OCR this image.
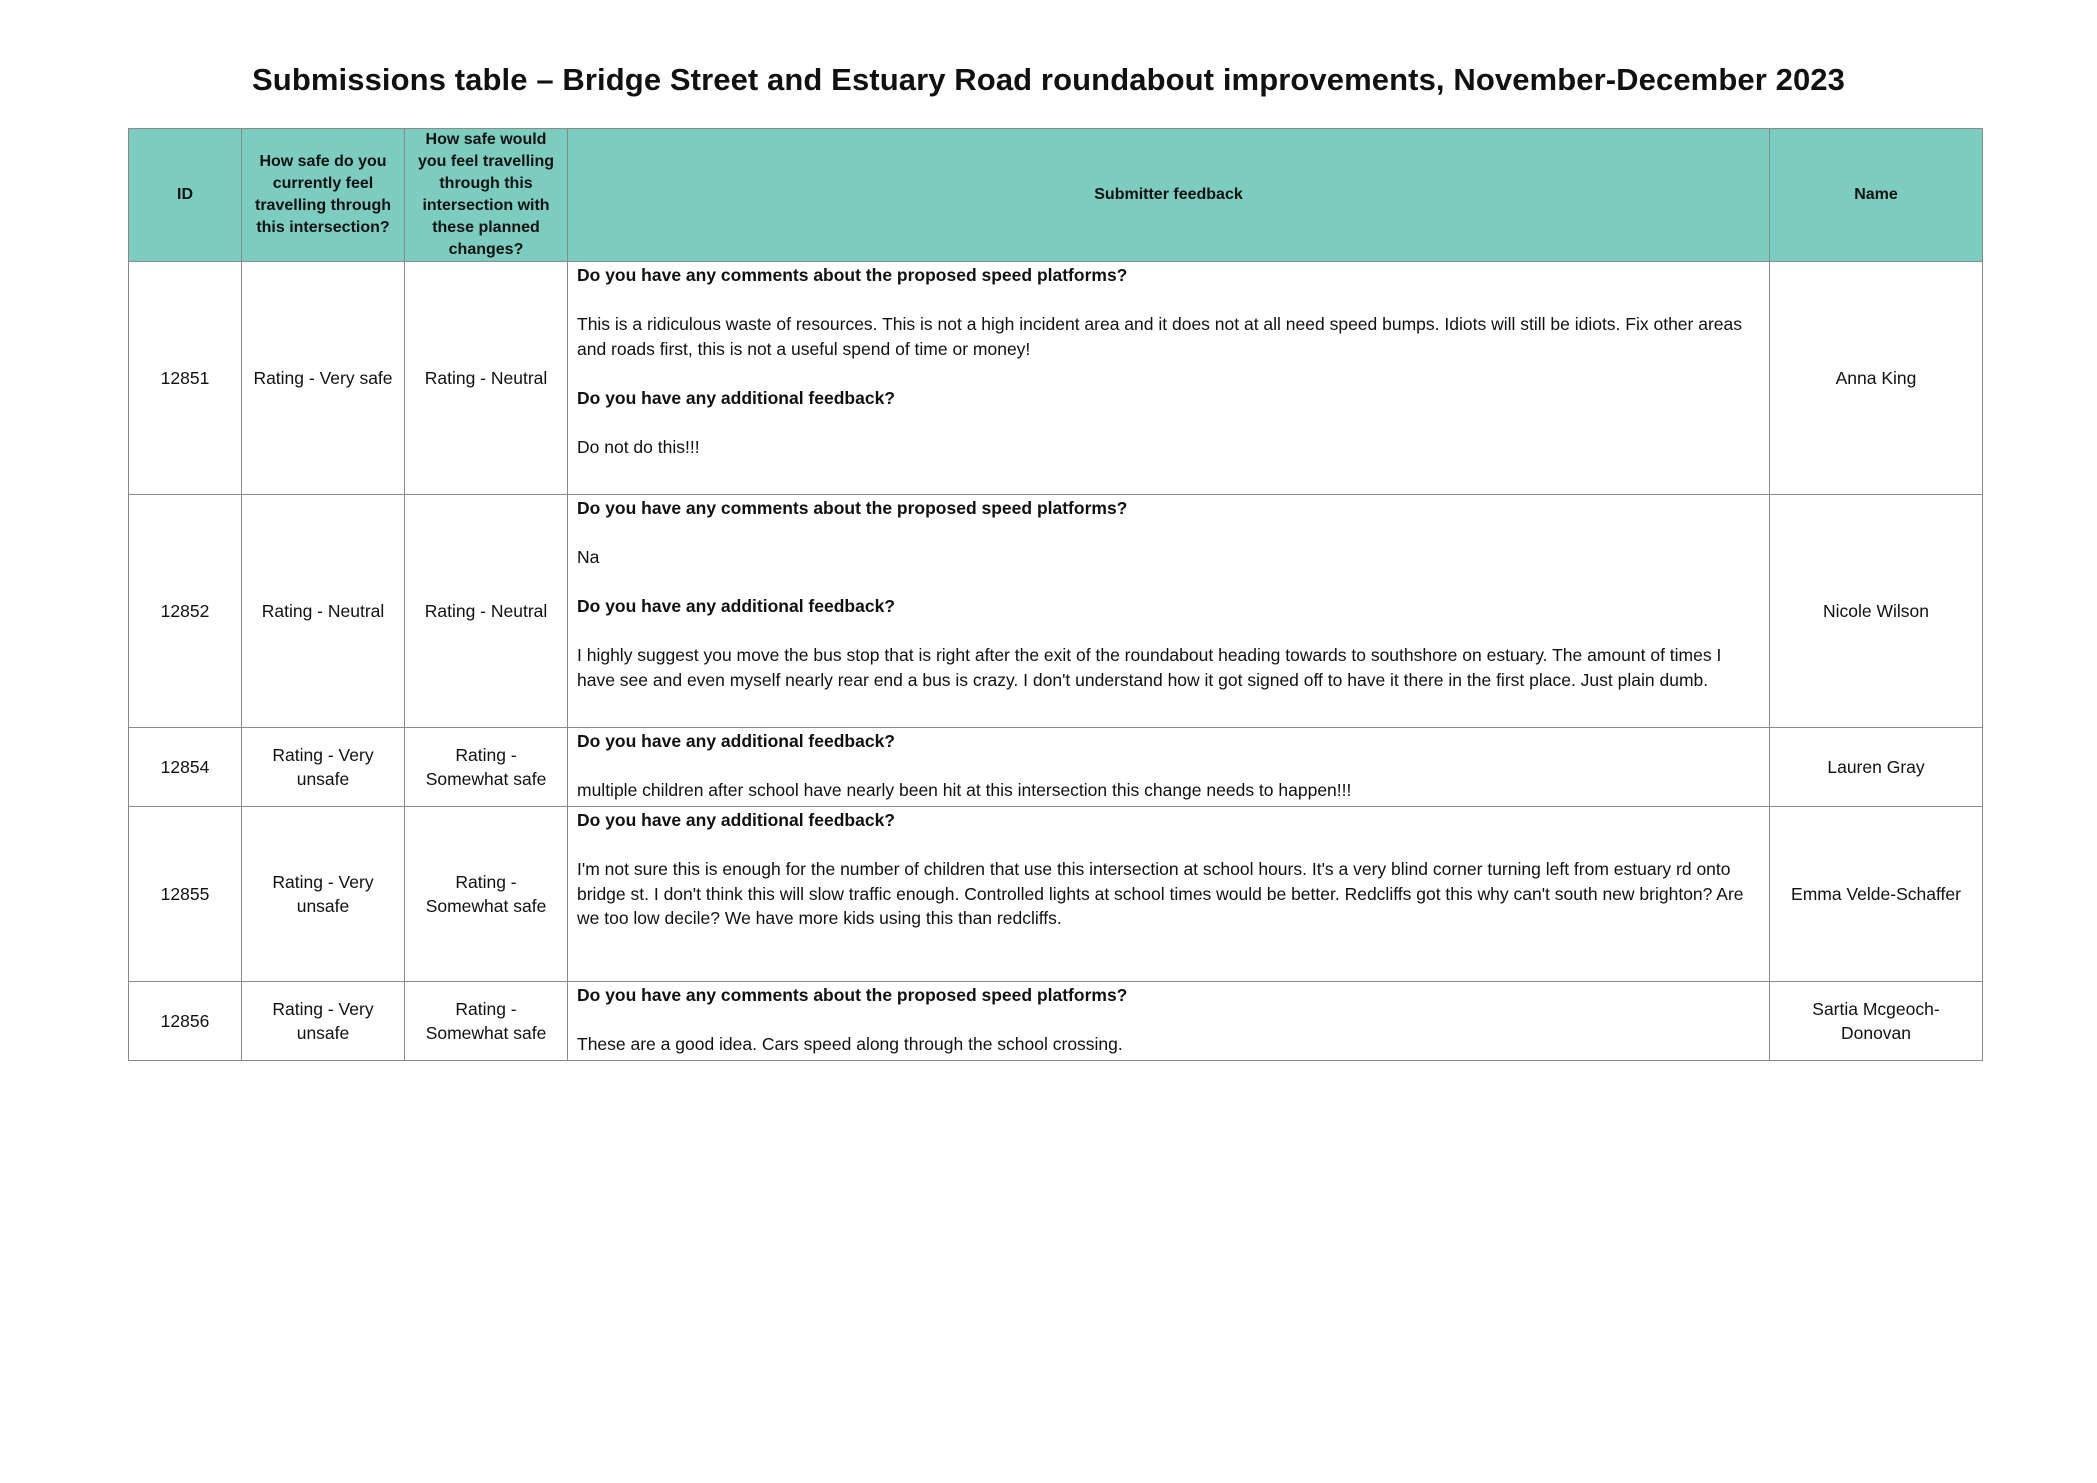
Submissions table – Bridge Street and Estuary Road roundabout improvements, November-December 2023
ID	How safe do you currently feel travelling through this intersection?	How safe would you feel travelling through this intersection with these planned changes?	Submitter feedback	Name
12851	Rating - Very safe	Rating - Neutral	Do you have any comments about the proposed speed platforms?

This is a ridiculous waste of resources. This is not a high incident area and it does not at all need speed bumps. Idiots will still be idiots. Fix other areas and roads first, this is not a useful spend of time or money!

Do you have any additional feedback?

Do not do this!!!	Anna King
12852	Rating - Neutral	Rating - Neutral	Do you have any comments about the proposed speed platforms?

Na

Do you have any additional feedback?

I highly suggest you move the bus stop that is right after the exit of the roundabout heading towards to southshore on estuary. The amount of times I have see and even myself nearly rear end a bus is crazy. I don't understand how it got signed off to have it there in the first place. Just plain dumb.	Nicole Wilson
12854	Rating - Very unsafe	Rating - Somewhat safe	Do you have any additional feedback?

multiple children after school have nearly been hit at this intersection this change needs to happen!!!	Lauren Gray
12855	Rating - Very unsafe	Rating - Somewhat safe	Do you have any additional feedback?

I'm not sure this is enough for the number of children that use this intersection at school hours. It's a very blind corner turning left from estuary rd onto bridge st. I don't think this will slow traffic enough. Controlled lights at school times would be better. Redcliffs got this why can't south new brighton? Are we too low decile? We have more kids using this than redcliffs.	Emma Velde-Schaffer
12856	Rating - Very unsafe	Rating - Somewhat safe	Do you have any comments about the proposed speed platforms?

These are a good idea. Cars speed along through the school crossing.	Sartia Mcgeoch-Donovan
